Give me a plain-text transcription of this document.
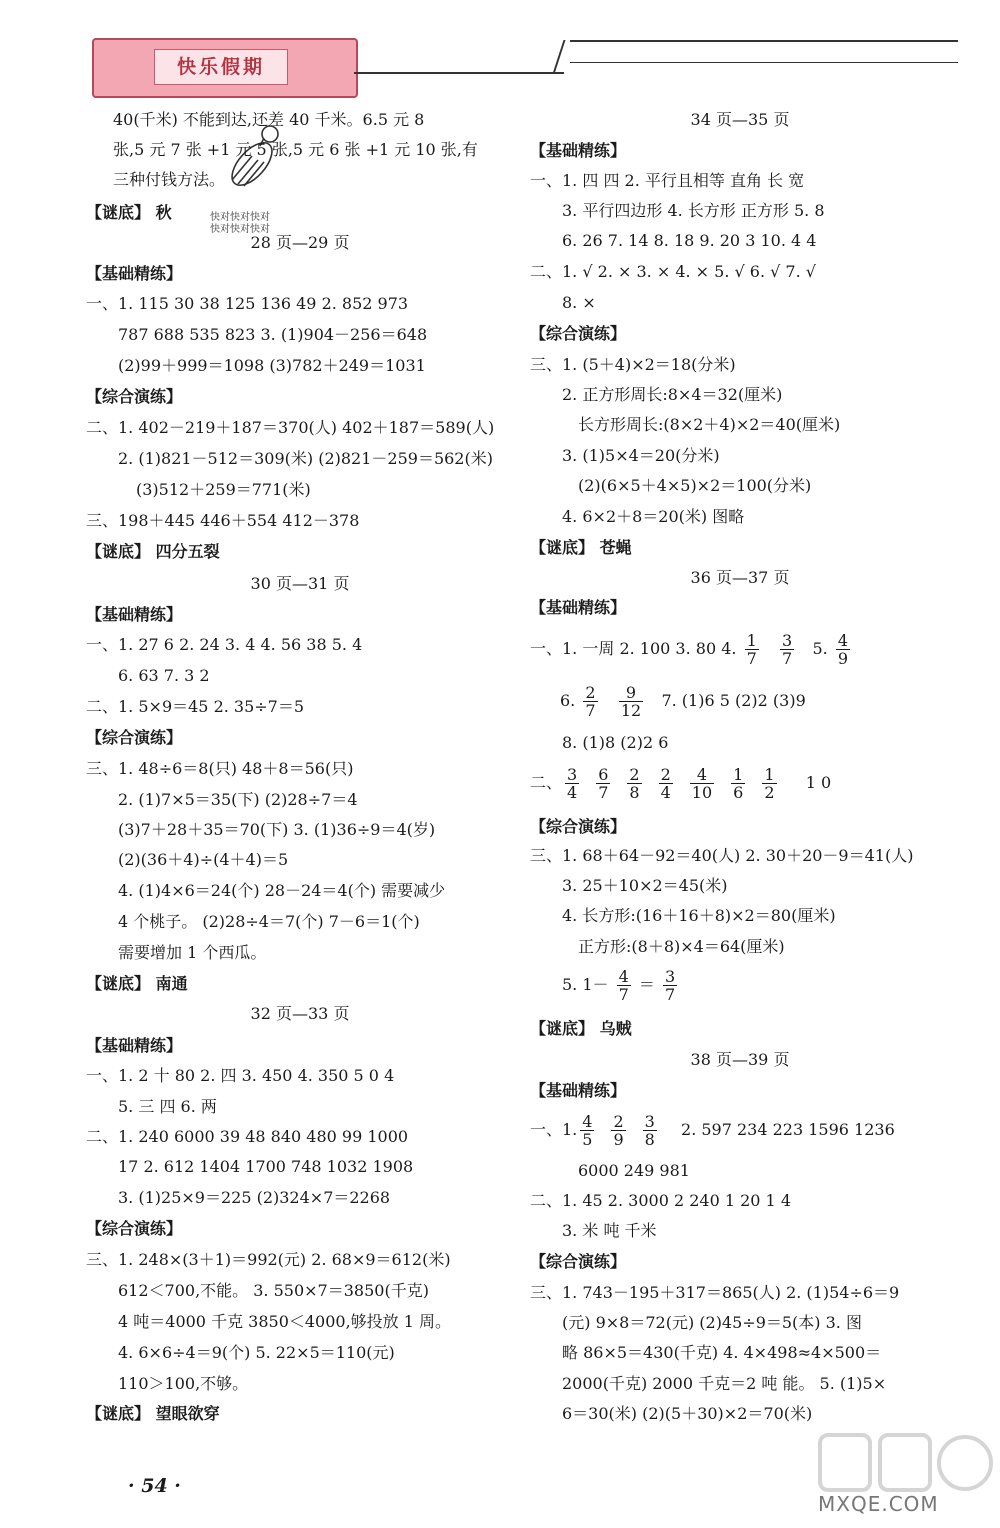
快乐假期
快对快对快对
快对快对快对
40(千米) 不能到达,还差 40 千米。6.5 元 8
张,5 元 7 张 +1 元 5 张,5 元 6 张 +1 元 10 张,有
三种付钱方法。
【谜底】 秋
28 页—29 页
【基础精练】
一、1. 115 30 38 125 136 49 2. 852 973
787 688 535 823 3. (1)904－256＝648
(2)99＋999＝1098 (3)782＋249＝1031
【综合演练】
二、1. 402－219＋187＝370(人) 402＋187＝589(人)
2. (1)821－512＝309(米) (2)821－259＝562(米)
(3)512＋259＝771(米)
三、198＋445 446＋554 412－378
【谜底】 四分五裂
30 页—31 页
【基础精练】
一、1. 27 6 2. 24 3. 4 4. 56 38 5. 4
6. 63 7. 3 2
二、1. 5×9＝45 2. 35÷7＝5
【综合演练】
三、1. 48÷6＝8(只) 48＋8＝56(只)
2. (1)7×5＝35(下) (2)28÷7＝4
(3)7＋28＋35＝70(下) 3. (1)36÷9＝4(岁)
(2)(36＋4)÷(4＋4)＝5
4. (1)4×6＝24(个) 28－24＝4(个) 需要减少
4 个桃子。 (2)28÷4＝7(个) 7－6＝1(个)
需要增加 1 个西瓜。
【谜底】 南通
32 页—33 页
【基础精练】
一、1. 2 十 80 2. 四 3. 450 4. 350 5 0 4
5. 三 四 6. 两
二、1. 240 6000 39 48 840 480 99 1000
17 2. 612 1404 1700 748 1032 1908
3. (1)25×9＝225 (2)324×7＝2268
【综合演练】
三、1. 248×(3＋1)＝992(元) 2. 68×9＝612(米)
612＜700,不能。 3. 550×7＝3850(千克)
4 吨＝4000 千克 3850＜4000,够投放 1 周。
4. 6×6÷4＝9(个) 5. 22×5＝110(元)
110＞100,不够。
【谜底】 望眼欲穿
34 页—35 页
【基础精练】
一、1. 四 四 2. 平行且相等 直角 长 宽
3. 平行四边形 4. 长方形 正方形 5. 8
6. 26 7. 14 8. 18 9. 20 3 10. 4 4
二、1. √ 2. × 3. × 4. × 5. √ 6. √ 7. √
8. ×
【综合演练】
三、1. (5＋4)×2＝18(分米)
2. 正方形周长:8×4＝32(厘米)
长方形周长:(8×2＋4)×2＝40(厘米)
3. (1)5×4＝20(分米)
(2)(6×5＋4×5)×2＝100(分米)
4. 6×2＋8＝20(米) 图略
【谜底】 苍蝇
36 页—37 页
【基础精练】
一、1. 一周 2. 100 3. 80 4. $\frac{1}{7}$
$\frac{3}{7} 5$. $\frac{4}{9}$
6. $\frac{2}{7}$
$\frac{9}{12} 7$. (1)6 5 (2)2 (3)9
8. (1)8 (2)2 6
二、 $\frac{3}{4} \frac{6}{7} \frac{2}{8} \frac{2}{4} \frac{4}{10} \frac{1}{6} \frac{1}{2} 1$ 0
【综合演练】
三、1. 68＋64－92＝40(人) 2. 30＋20－9＝41(人)
3. 25＋10×2＝45(米)
4. 长方形:(16＋16＋8)×2＝80(厘米)
正方形:(8＋8)×4＝64(厘米)
5. $1- \frac{4}{7} = \frac{3}{7}$
【谜底】 乌贼
38 页—39 页
【基础精练】
一、1. $\frac{4}{5} \frac{2}{9} \frac{3}{8} 2$. 597 234 223 1596 1236
6000 249 981
二、1. 45 2. 3000 2 240 1 20 1 4
3. 米 吨 千米
【综合演练】
三、1. 743－195＋317＝865(人) 2. (1)54÷6＝9
(元) 9×8＝72(元) (2)45÷9＝5(本) 3. 图
略 86×5＝430(千克) 4. 4×498≈4×500＝
2000(千克) 2000 千克＝2 吨 能。 5. (1)5×
6＝30(米) (2)(5＋30)×2＝70(米)
· 54 ·
MXQE.COM
